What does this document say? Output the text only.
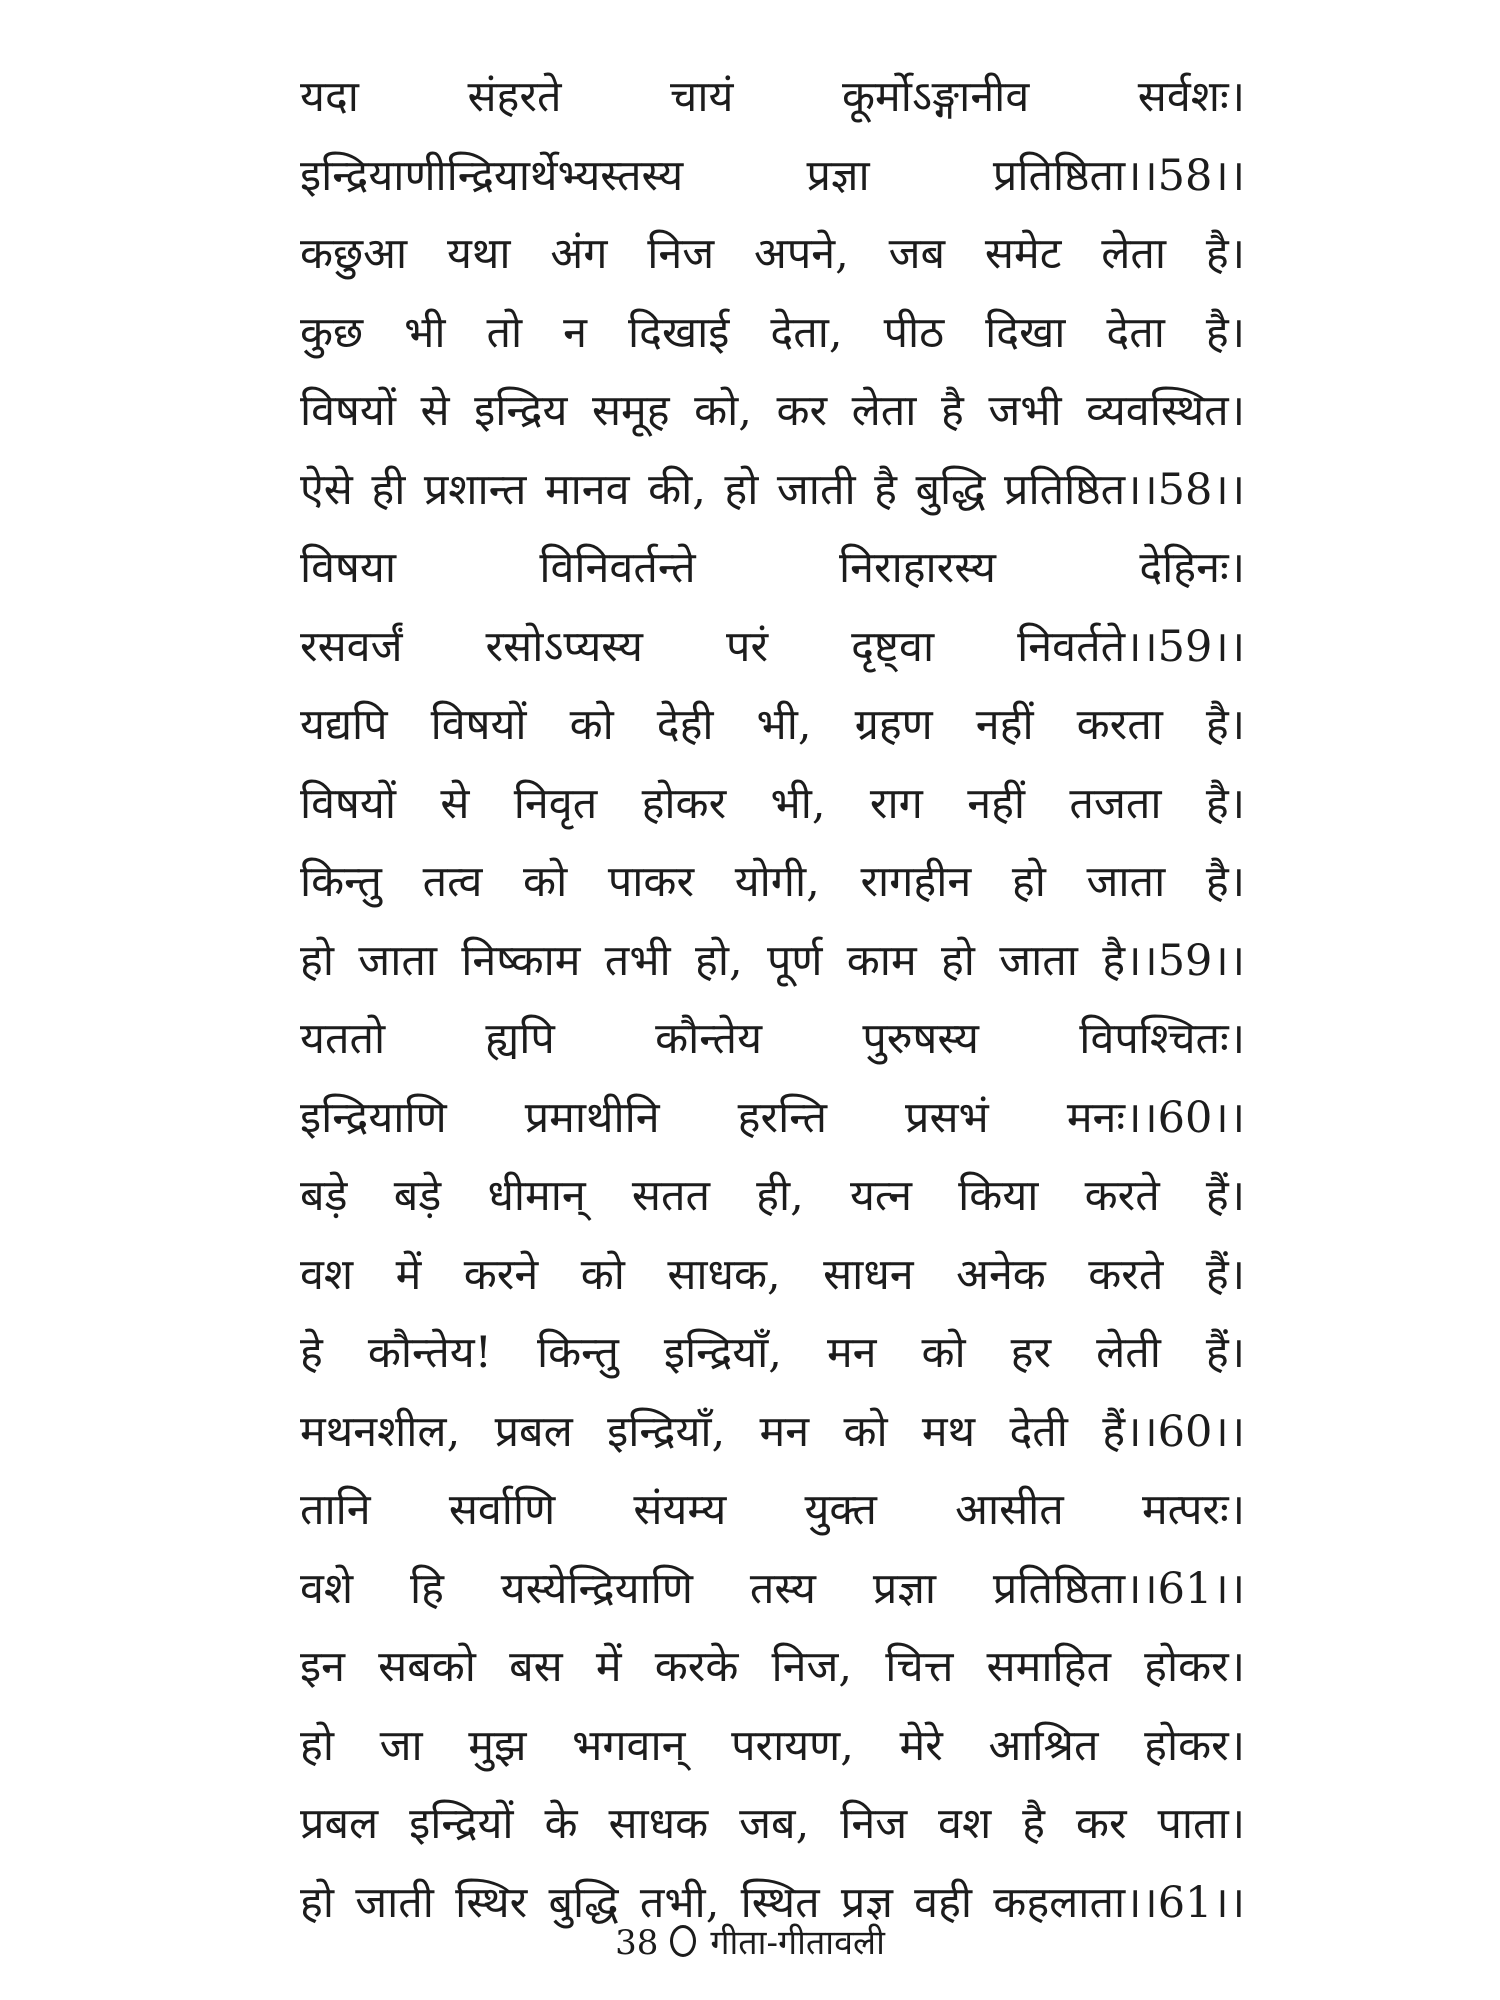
यदा संहरते चायं कूर्मोऽङ्गानीव सर्वशः।
इन्द्रियाणीन्द्रियार्थेभ्यस्तस्य प्रज्ञा प्रतिष्ठिता।।58।।
कछुआ यथा अंग निज अपने, जब समेट लेता है।
कुछ भी तो न दिखाई देता, पीठ दिखा देता है।
विषयों से इन्द्रिय समूह को, कर लेता है जभी व्यवस्थित।
ऐसे ही प्रशान्त मानव की, हो जाती है बुद्धि प्रतिष्ठित।।58।।
विषया विनिवर्तन्ते निराहारस्य देहिनः।
रसवर्जं रसोऽप्यस्य परं दृष्ट्वा निवर्तते।।59।।
यद्यपि विषयों को देही भी, ग्रहण नहीं करता है।
विषयों से निवृत होकर भी, राग नहीं तजता है।
किन्तु तत्व को पाकर योगी, रागहीन हो जाता है।
हो जाता निष्काम तभी हो, पूर्ण काम हो जाता है।।59।।
यततो ह्यपि कौन्तेय पुरुषस्य विपश्चितः।
इन्द्रियाणि प्रमाथीनि हरन्ति प्रसभं मनः।।60।।
बड़े बड़े धीमान् सतत ही, यत्न किया करते हैं।
वश में करने को साधक, साधन अनेक करते हैं।
हे कौन्तेय! किन्तु इन्द्रियाँ, मन को हर लेती हैं।
मथनशील, प्रबल इन्द्रियाँ, मन को मथ देती हैं।।60।।
तानि सर्वाणि संयम्य युक्त आसीत मत्परः।
वशे हि यस्येन्द्रियाणि तस्य प्रज्ञा प्रतिष्ठिता।।61।।
इन सबको बस में करके निज, चित्त समाहित होकर।
हो जा मुझ भगवान् परायण, मेरे आश्रित होकर।
प्रबल इन्द्रियों के साधक जब, निज वश है कर पाता।
हो जाती स्थिर बुद्धि तभी, स्थित प्रज्ञ वही कहलाता।।61।।
38 गीता-गीतावली
